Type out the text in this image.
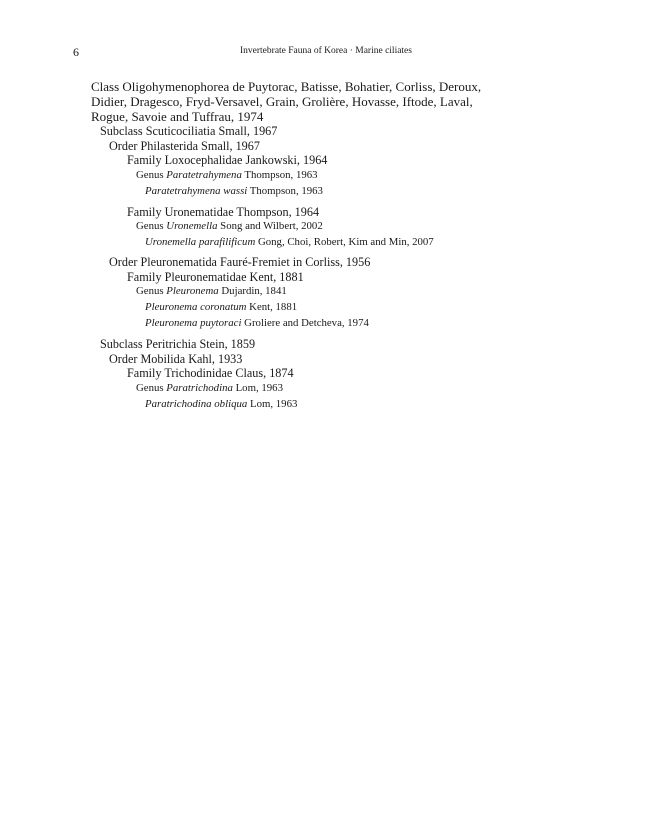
6	Invertebrate Fauna of Korea · Marine ciliates

Class Oligohymenophorea de Puytorac, Batisse, Bohatier, Corliss, Deroux,

Didier, Dragesco, Fryd-Versavel, Grain, Grolière, Hovasse, Iftode, Laval,

Rogue, Savoie and Tuffrau, 1974

Subclass Scuticociliatia Small, 1967

Order Philasterida Small, 1967

Family Loxocephalidae Jankowski, 1964

Genus Paratetrahymena Thompson, 1963

Paratetrahymena wassi Thompson, 1963

Family Uronematidae Thompson, 1964

Genus Uronemella Song and Wilbert, 2002

Uronemella parafilificum Gong, Choi, Robert, Kim and Min, 2007

Order Pleuronematida Fauré-Fremiet in Corliss, 1956

Family Pleuronematidae Kent, 1881

Genus Pleuronema Dujardin, 1841

Pleuronema coronatum Kent, 1881

Pleuronema puytoraci Groliere and Detcheva, 1974

Subclass Peritrichia Stein, 1859

Order Mobilida Kahl, 1933

Family Trichodinidae Claus, 1874

Genus Paratrichodina Lom, 1963

Paratrichodina obliqua Lom, 1963
